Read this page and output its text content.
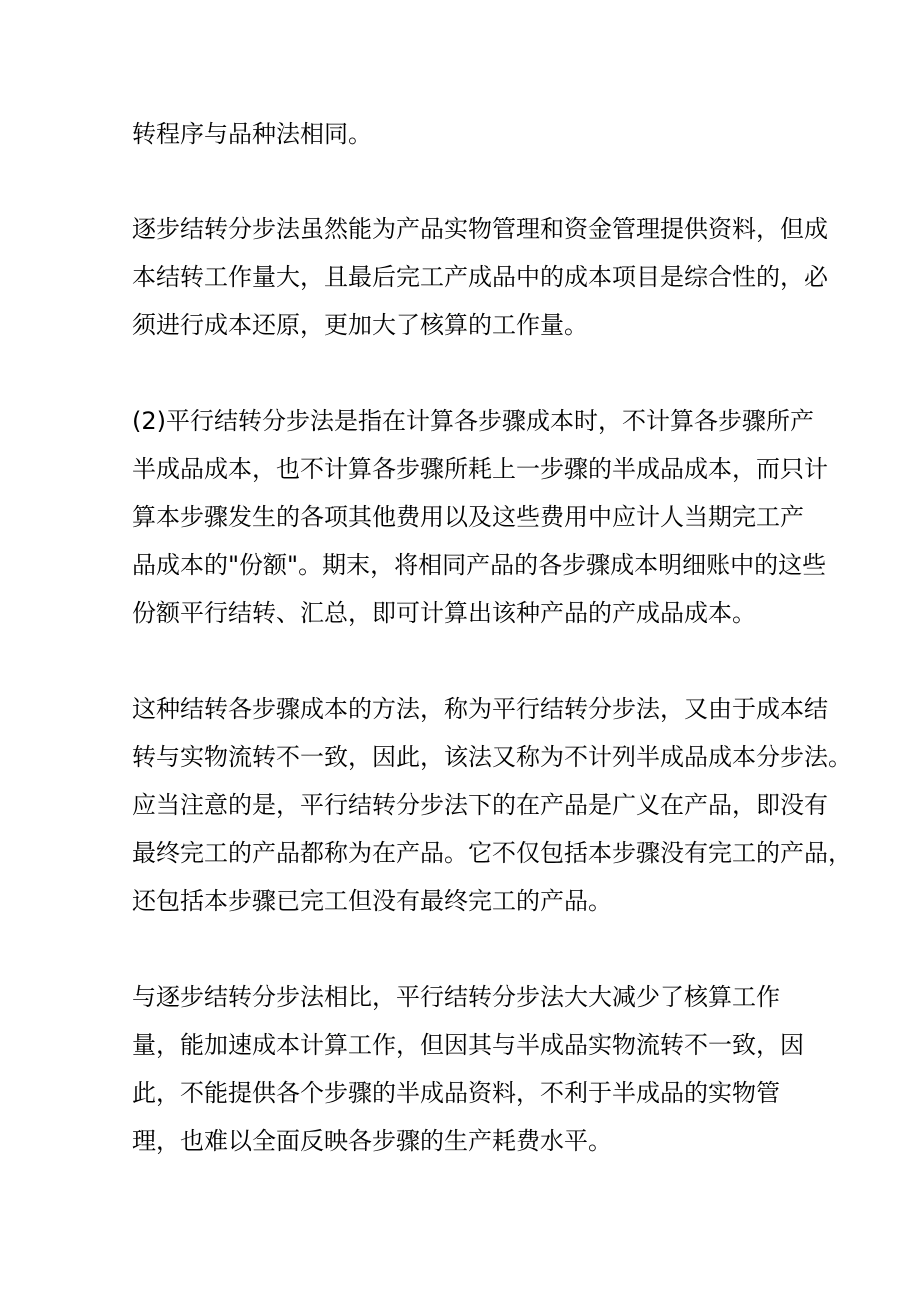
转程序与品种法相同。

逐步结转分步法虽然能为产品实物管理和资金管理提供资料，但成
本结转工作量大，且最后完工产成品中的成本项目是综合性的，必
须进行成本还原，更加大了核算的工作量。

(2)平行结转分步法是指在计算各步骤成本时，不计算各步骤所产
半成品成本，也不计算各步骤所耗上一步骤的半成品成本，而只计
算本步骤发生的各项其他费用以及这些费用中应计人当期完工产
品成本的"份额"。期末，将相同产品的各步骤成本明细账中的这些
份额平行结转、汇总，即可计算出该种产品的产成品成本。

这种结转各步骤成本的方法，称为平行结转分步法，又由于成本结
转与实物流转不一致，因此，该法又称为不计列半成品成本分步法。
应当注意的是，平行结转分步法下的在产品是广义在产品，即没有
最终完工的产品都称为在产品。它不仅包括本步骤没有完工的产品，
还包括本步骤已完工但没有最终完工的产品。

与逐步结转分步法相比，平行结转分步法大大减少了核算工作
量，能加速成本计算工作，但因其与半成品实物流转不一致，因
此，不能提供各个步骤的半成品资料，不利于半成品的实物管
理，也难以全面反映各步骤的生产耗费水平。
